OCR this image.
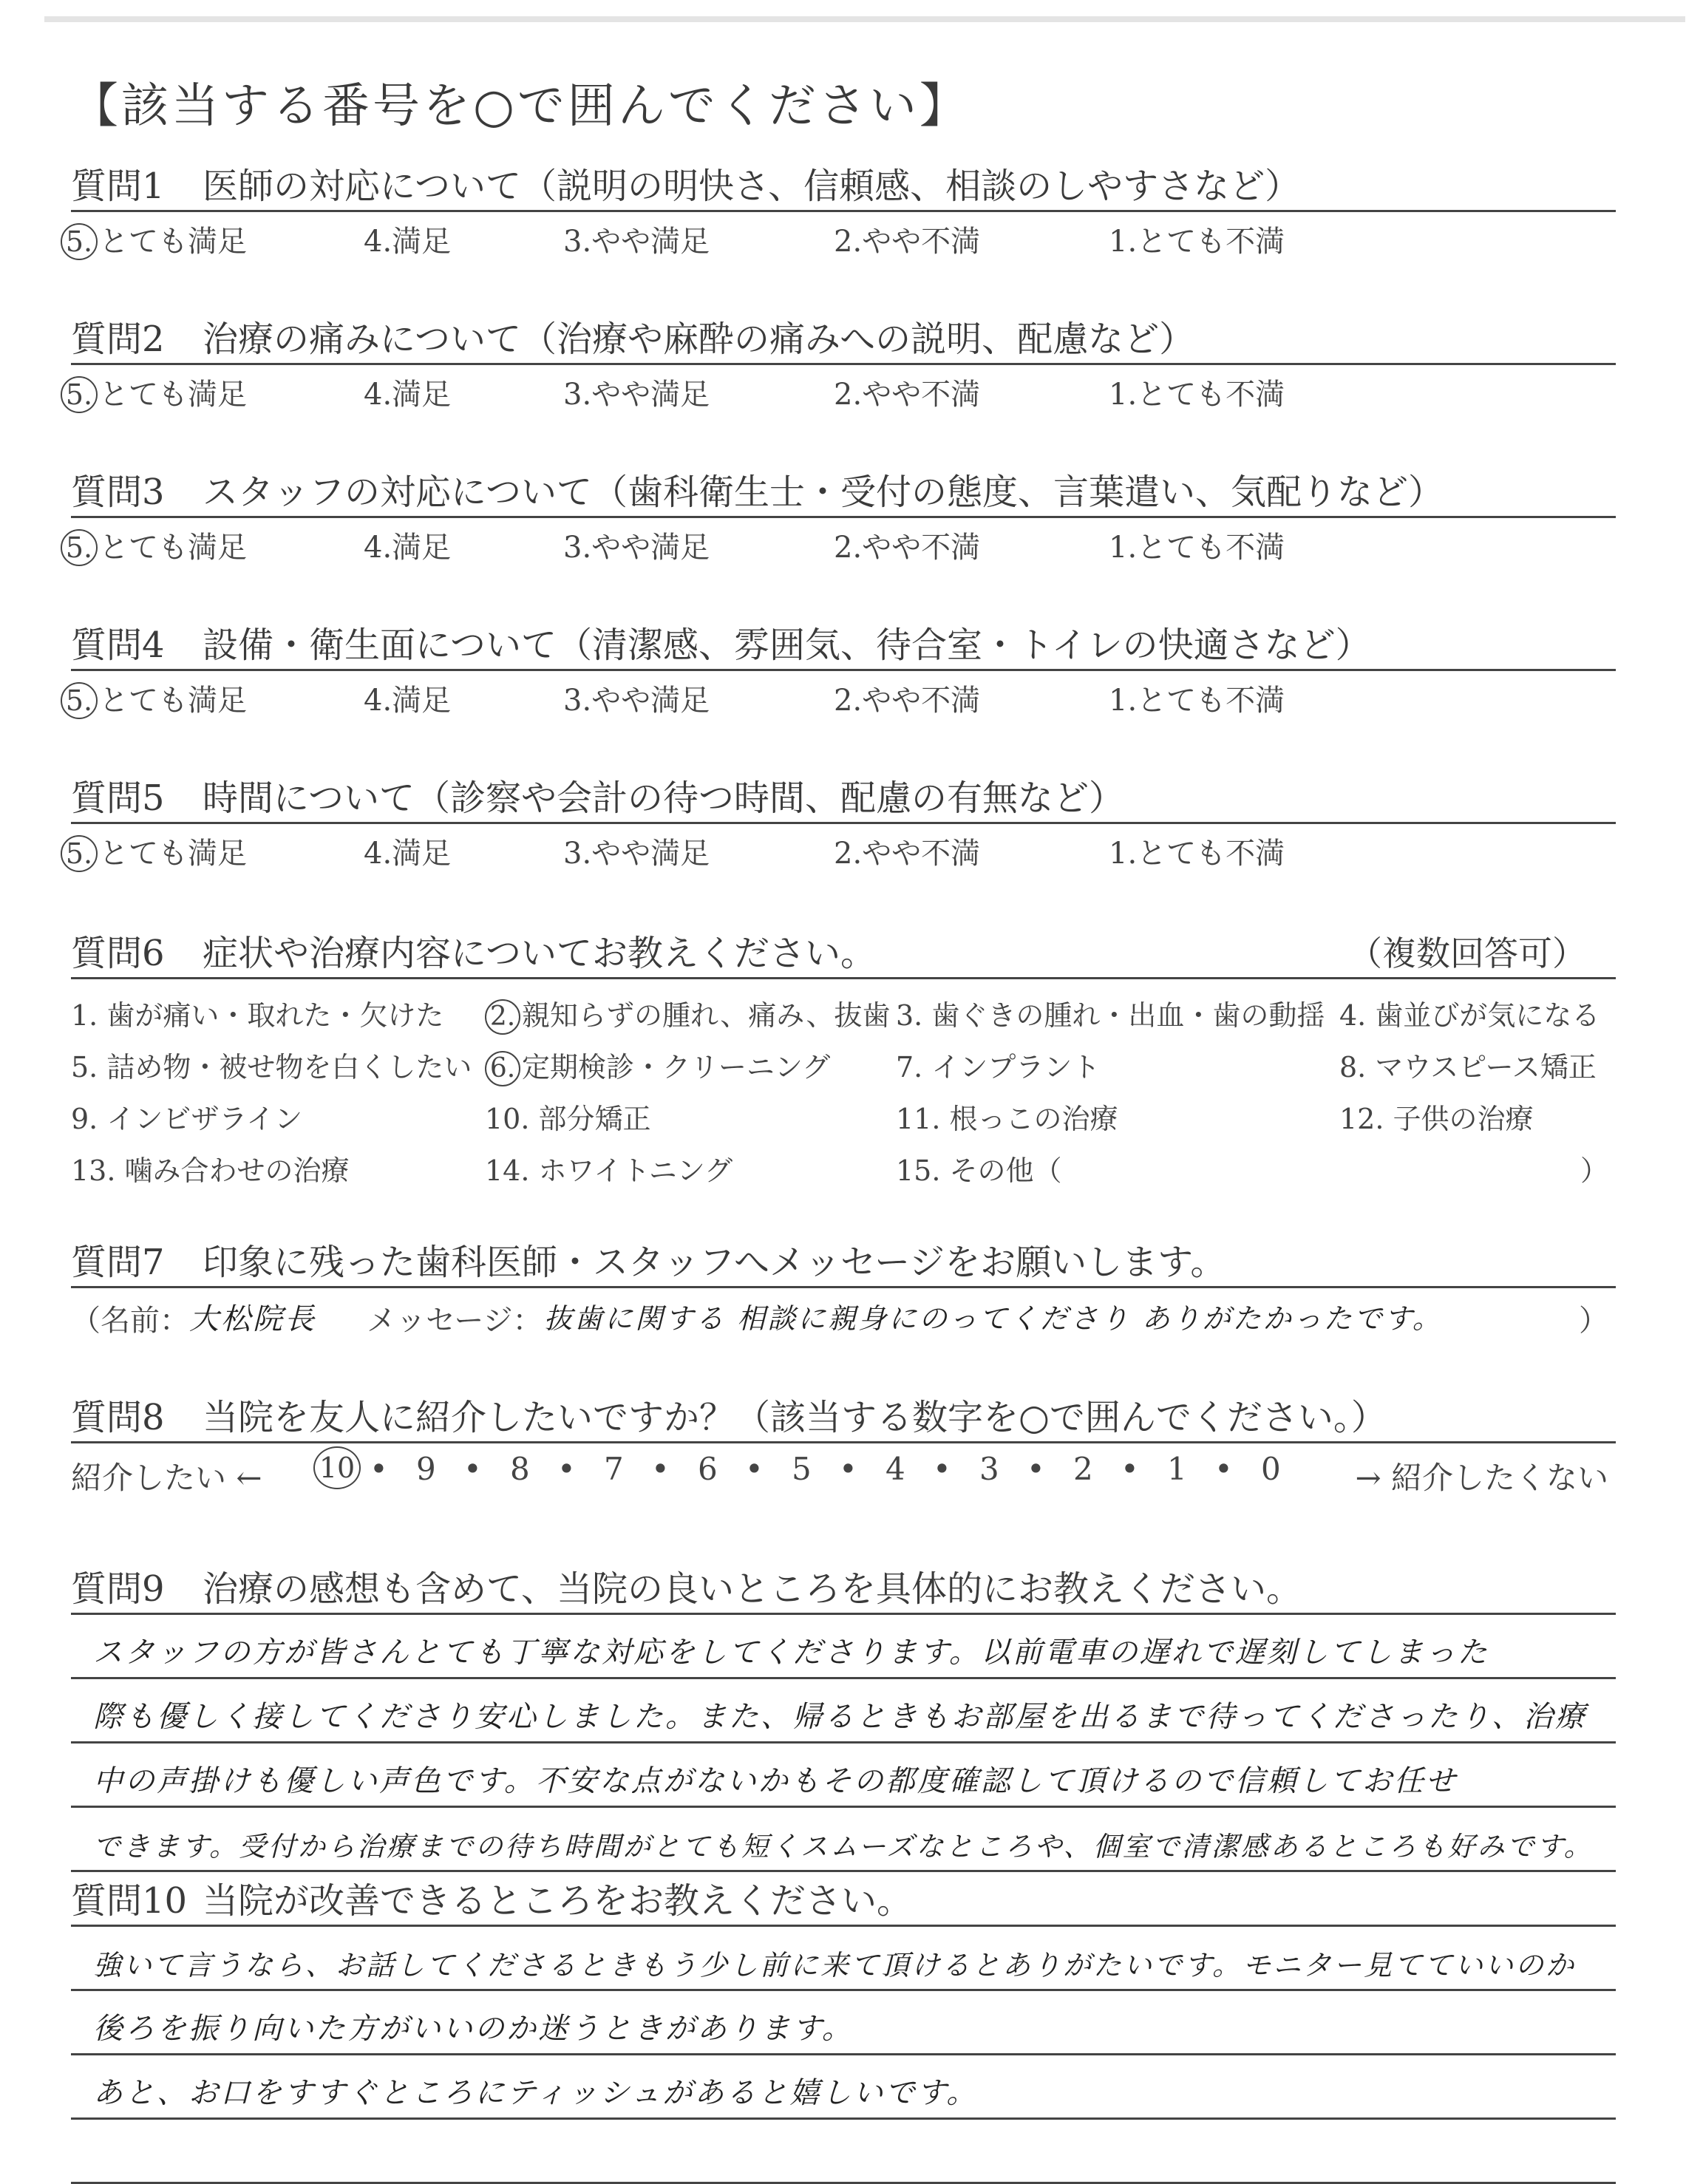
【該当する番号を○で囲んでください】
質問1 医師の対応について（説明の明快さ、信頼感、相談のしやすさなど）
5. とても満足	4.満足	3.やや満足	2.やや不満	1.とても不満
質問2 治療の痛みについて（治療や麻酔の痛みへの説明、配慮など）
5. とても満足	4.満足	3.やや満足	2.やや不満	1.とても不満
質問3 スタッフの対応について（歯科衛生士・受付の態度、言葉遣い、気配りなど）
5. とても満足	4.満足	3.やや満足	2.やや不満	1.とても不満
質問4 設備・衛生面について（清潔感、雰囲気、待合室・トイレの快適さなど）
5. とても満足	4.満足	3.やや満足	2.やや不満	1.とても不満
質問5 時間について（診察や会計の待つ時間、配慮の有無など）
5. とても満足	4.満足	3.やや満足	2.やや不満	1.とても不満
質問6 症状や治療内容についてお教えください。	（複数回答可）
1. 歯が痛い・取れた・欠けた 2. 親知らずの腫れ、痛み、抜歯 3. 歯ぐきの腫れ・出血・歯の動揺 4. 歯並びが気になる
5. 詰め物・被せ物を白くしたい 6. 定期検診・クリーニング 7. インプラント	8. マウスピース矯正
9. インビザライン	10. 部分矯正	11. 根っこの治療	12. 子供の治療
13. 噛み合わせの治療	14. ホワイトニング	15. その他（	）
質問7 印象に残った歯科医師・スタッフへメッセージをお願いします。
（ 名前： 大松院長 メッセージ： 抜歯に関する 相談に親身にのってくださり ありがたかったです。	）
質問8 当院を友人に紹介したいですか？（該当する数字を○で囲んでください。）
紹介したい ←	→ 紹介したくない
10 • 9 • 8 • 7 • 6 • 5 • 4 • 3 • 2 • 1 • 0
質問9 治療の感想も含めて、当院の良いところを具体的にお教えください。
スタッフの方が皆さんとても丁寧な対応をしてくださります。以前電車の遅れで遅刻してしまった
際も優しく接してくださり安心しました。また、帰るときもお部屋を出るまで待ってくださったり、治療
中の声掛けも優しい声色です。不安な点がないかもその都度確認して頂けるので信頼してお任せ
できます。受付から治療までの待ち時間がとても短くスムーズなところや、個室で清潔感あるところも好みです。
質問10 当院が改善できるところをお教えください。
強いて言うなら、お話してくださるときもう少し前に来て頂けるとありがたいです。モニター見てていいのか
後ろを振り向いた方がいいのか迷うときがあります。
あと、お口をすすぐところにティッシュがあると嬉しいです。
